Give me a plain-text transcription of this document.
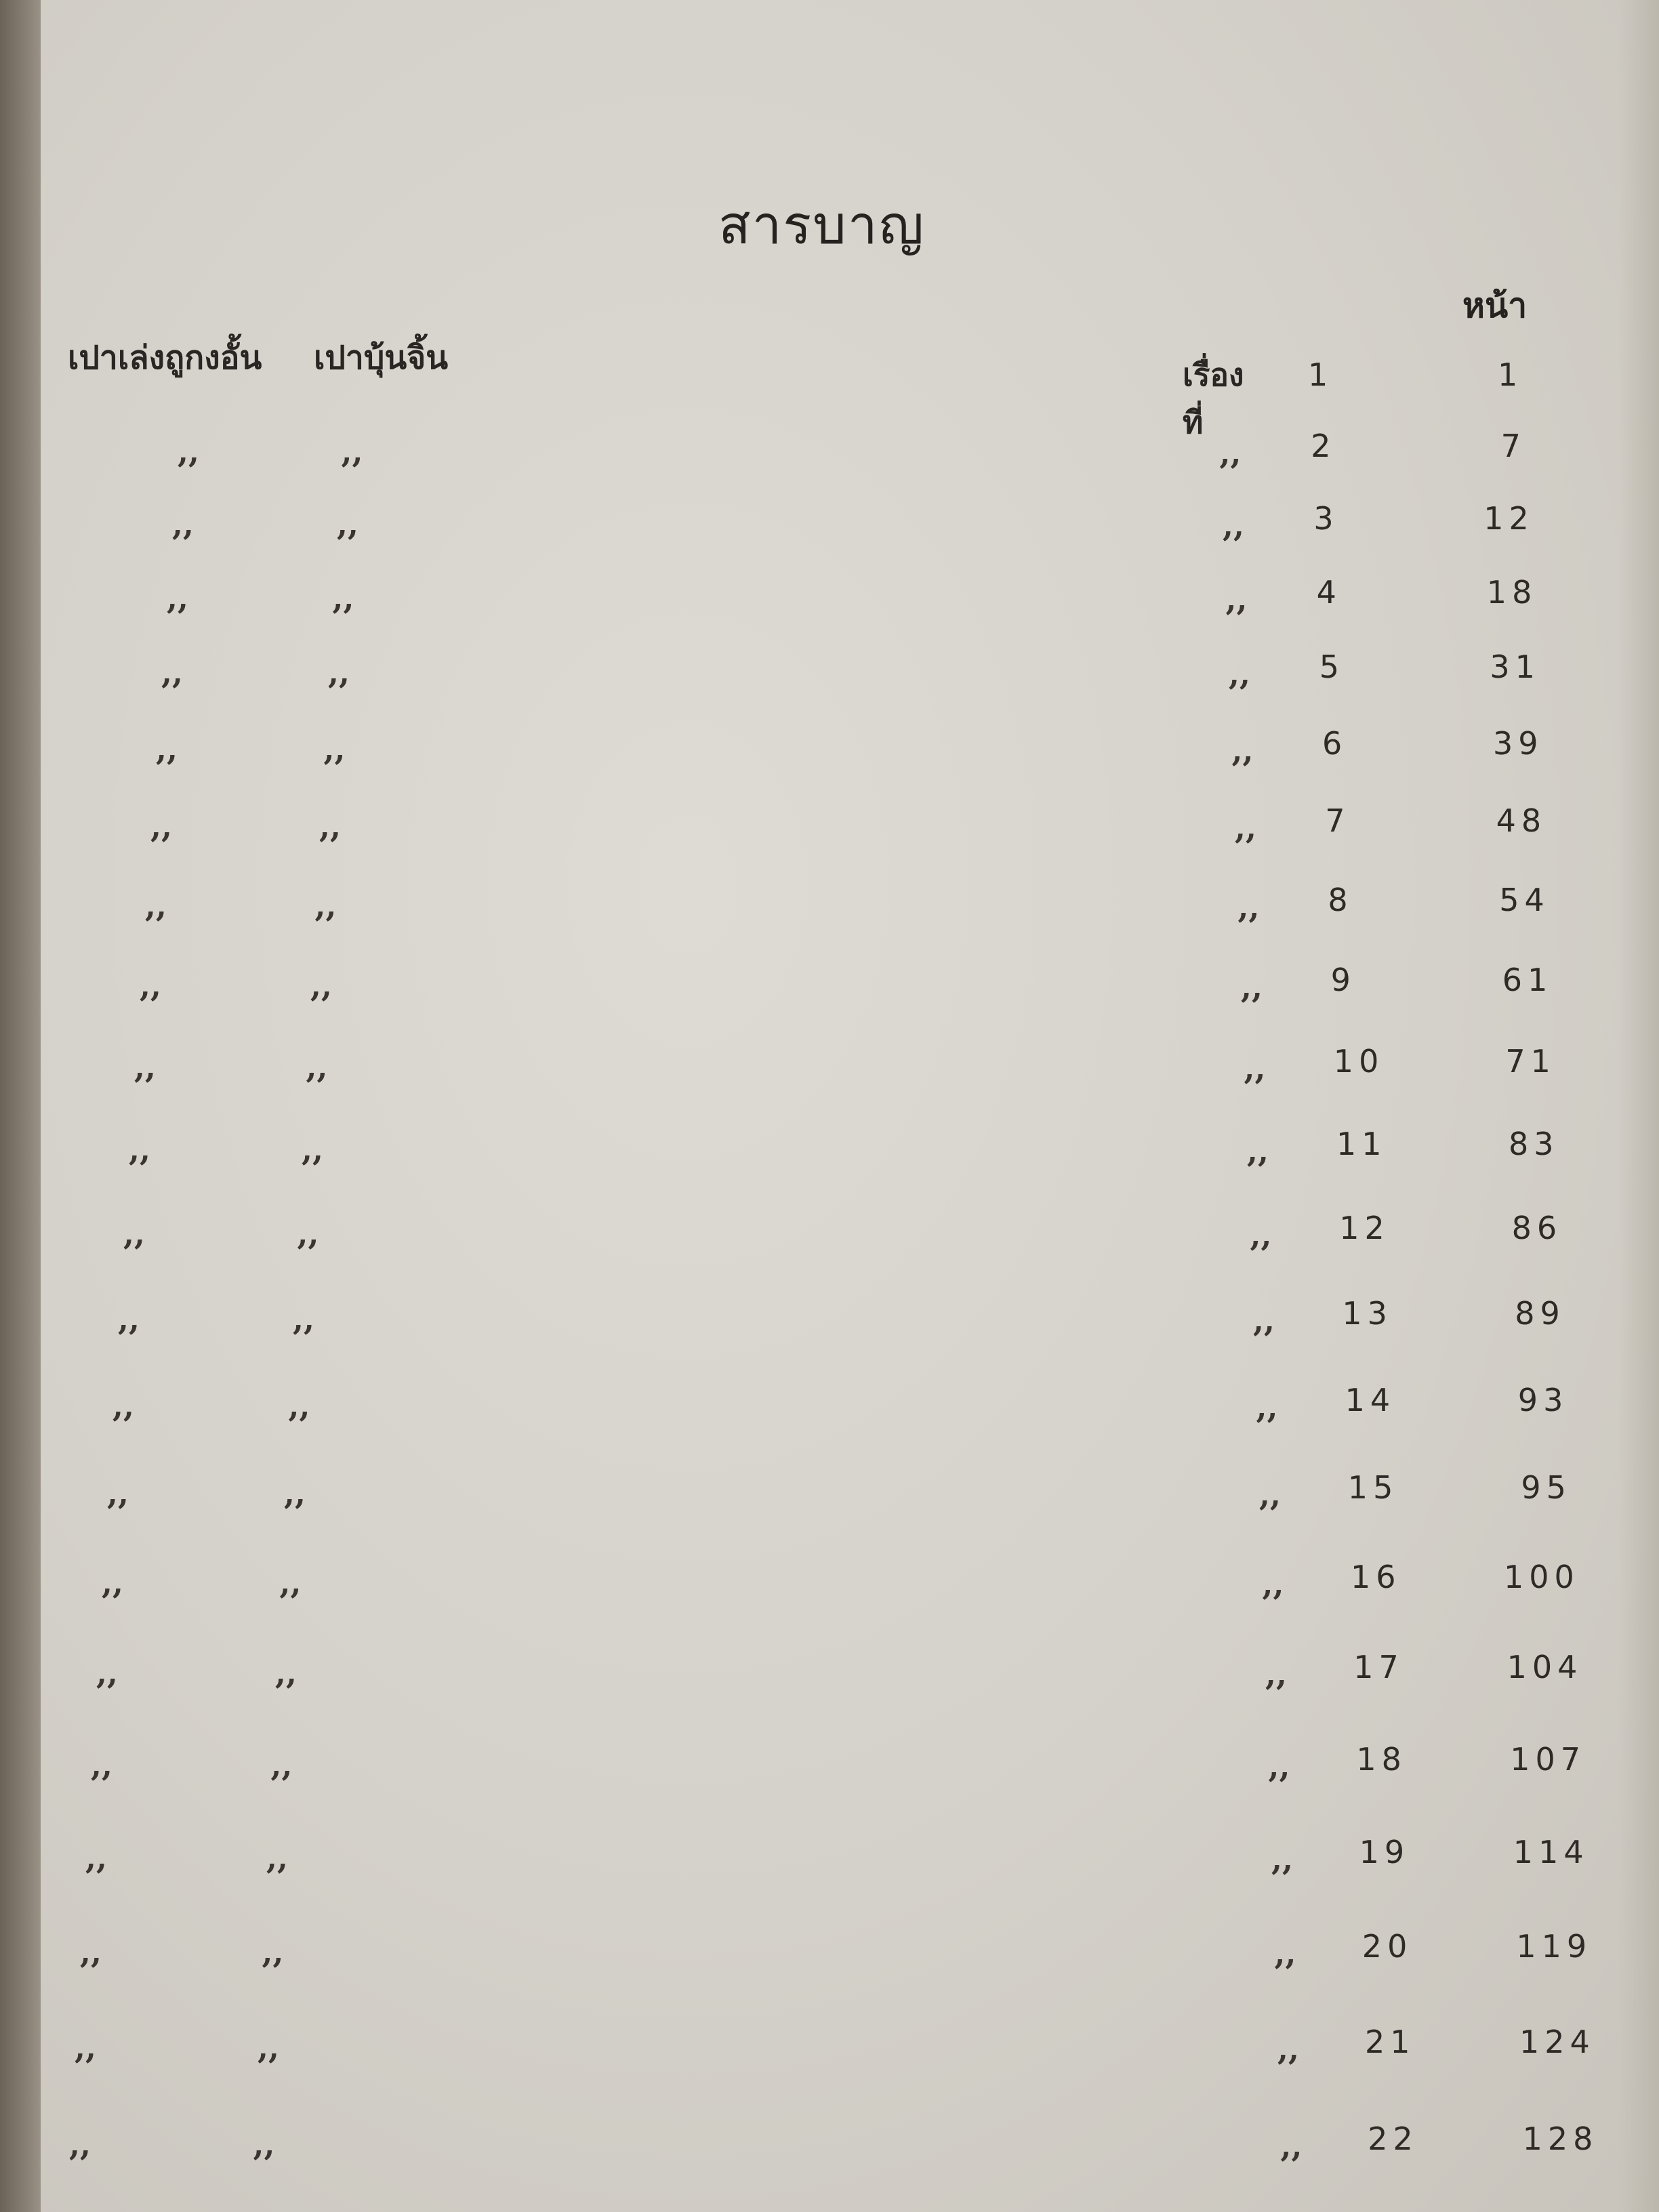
สารบาญ
หน้า
เปาเล่งถูกงอั้น เปาบุ้นจิ้น	เรื่องที่
1	1
,,	,,	,, 2	7
,,	,,	,, 3	12
,,	,,	,, 4	18
,,	,,	,, 5	31
,,	,,	,, 6	39
,,	,,	,, 7	48
,,	,,	,, 8	54
,,	,,	,, 9	61
,,	,,	,, 10	71
,,	,,	,, 11	83
,,	,,	,, 12	86
,,	,,	,, 13	89
,,	,,	,, 14	93
,,	,,	,, 15	95
,,	,,	,, 16	100
,,	,,	,, 17	104
,,	,,	,, 18	107
,,	,,	,, 19	114
,,	,,	,, 20	119
,,	,,	,, 21	124
,,	,,	,, 22	128
